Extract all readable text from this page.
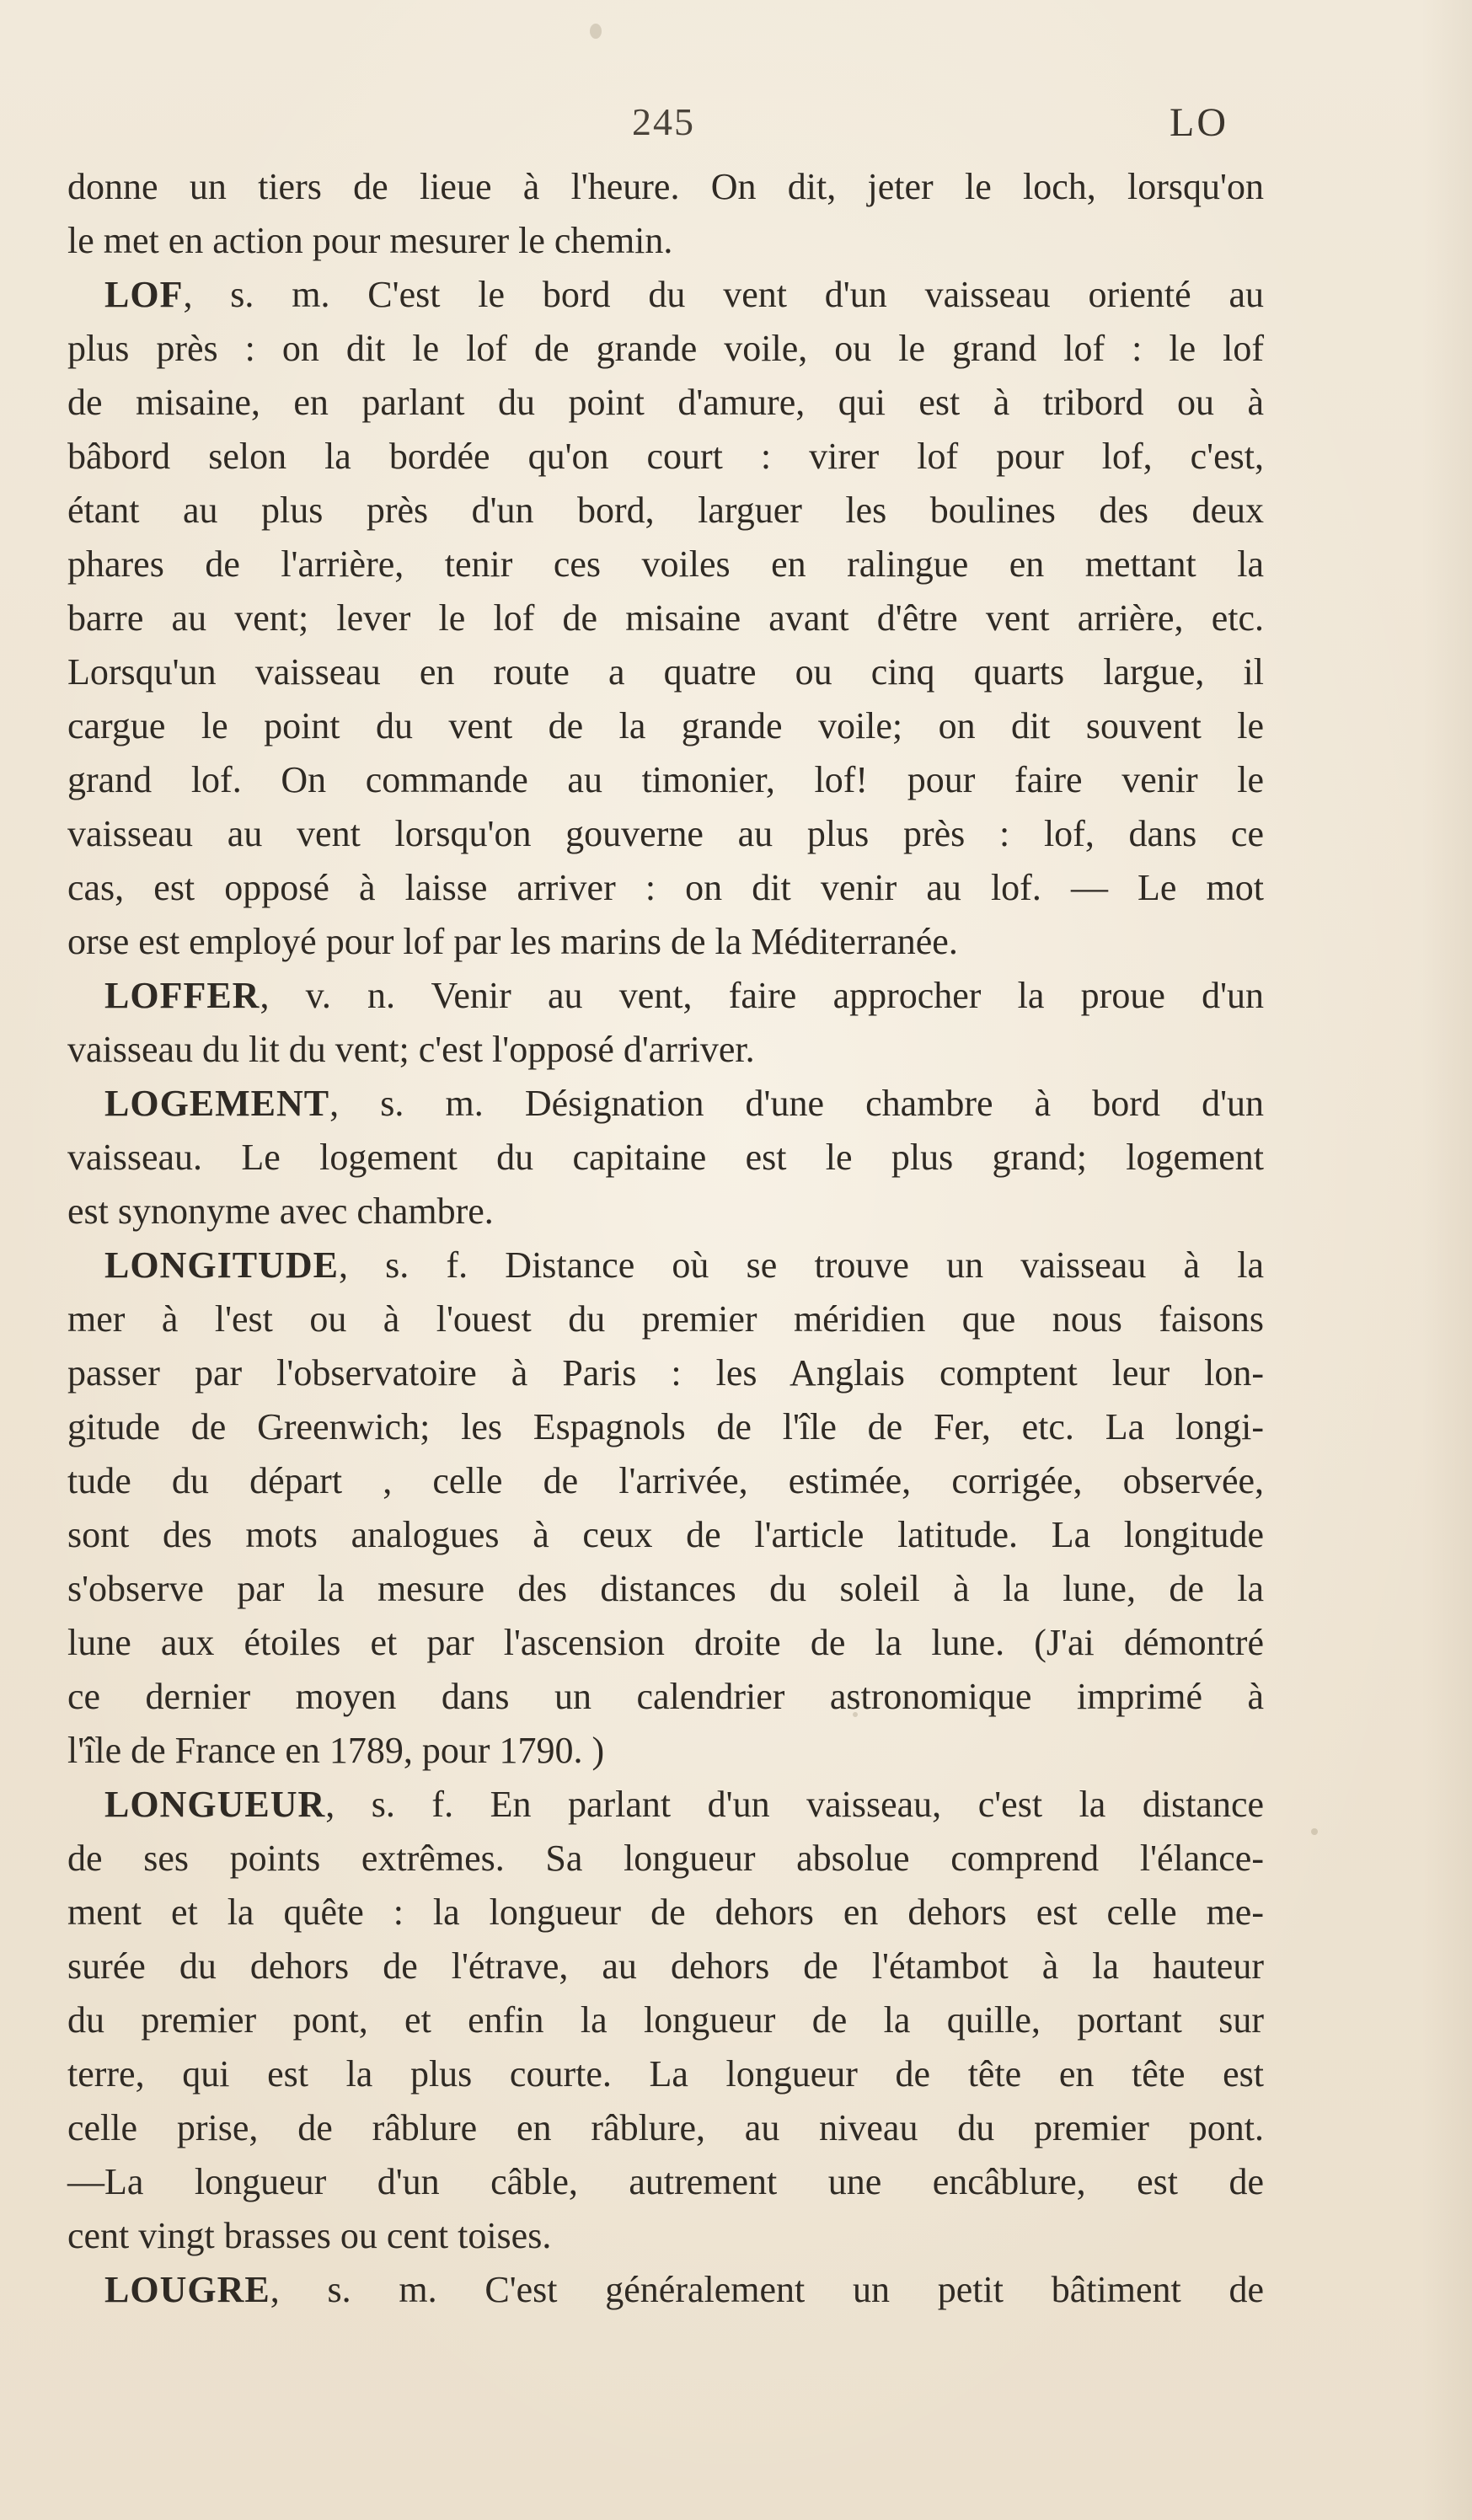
245	LO
donne un tiers de lieue à l'heure. On dit, jeter le loch, lorsqu'on
le met en action pour mesurer le chemin.
LOF, s. m. C'est le bord du vent d'un vaisseau orienté au
plus près : on dit le lof de grande voile, ou le grand lof : le lof
de misaine, en parlant du point d'amure, qui est à tribord ou à
bâbord selon la bordée qu'on court : virer lof pour lof, c'est,
étant au plus près d'un bord, larguer les boulines des deux
phares de l'arrière, tenir ces voiles en ralingue en mettant la
barre au vent; lever le lof de misaine avant d'être vent arrière, etc.
Lorsqu'un vaisseau en route a quatre ou cinq quarts largue, il
cargue le point du vent de la grande voile; on dit souvent le
grand lof. On commande au timonier, lof! pour faire venir le
vaisseau au vent lorsqu'on gouverne au plus près : lof, dans ce
cas, est opposé à laisse arriver : on dit venir au lof. — Le mot
orse est employé pour lof par les marins de la Méditerranée.
LOFFER, v. n. Venir au vent, faire approcher la proue d'un
vaisseau du lit du vent; c'est l'opposé d'arriver.
LOGEMENT, s. m. Désignation d'une chambre à bord d'un
vaisseau. Le logement du capitaine est le plus grand; logement
est synonyme avec chambre.
LONGITUDE, s. f. Distance où se trouve un vaisseau à la
mer à l'est ou à l'ouest du premier méridien que nous faisons
passer par l'observatoire à Paris : les Anglais comptent leur lon-
gitude de Greenwich; les Espagnols de l'île de Fer, etc. La longi-
tude du départ , celle de l'arrivée, estimée, corrigée, observée,
sont des mots analogues à ceux de l'article latitude. La longitude
s'observe par la mesure des distances du soleil à la lune, de la
lune aux étoiles et par l'ascension droite de la lune. (J'ai démontré
ce dernier moyen dans un calendrier astronomique imprimé à
l'île de France en 1789, pour 1790. )
LONGUEUR, s. f. En parlant d'un vaisseau, c'est la distance
de ses points extrêmes. Sa longueur absolue comprend l'élance-
ment et la quête : la longueur de dehors en dehors est celle me-
surée du dehors de l'étrave, au dehors de l'étambot à la hauteur
du premier pont, et enfin la longueur de la quille, portant sur
terre, qui est la plus courte. La longueur de tête en tête est
celle prise, de râblure en râblure, au niveau du premier pont.
—La longueur d'un câble, autrement une encâblure, est de
cent vingt brasses ou cent toises.
LOUGRE, s. m. C'est généralement un petit bâtiment de
